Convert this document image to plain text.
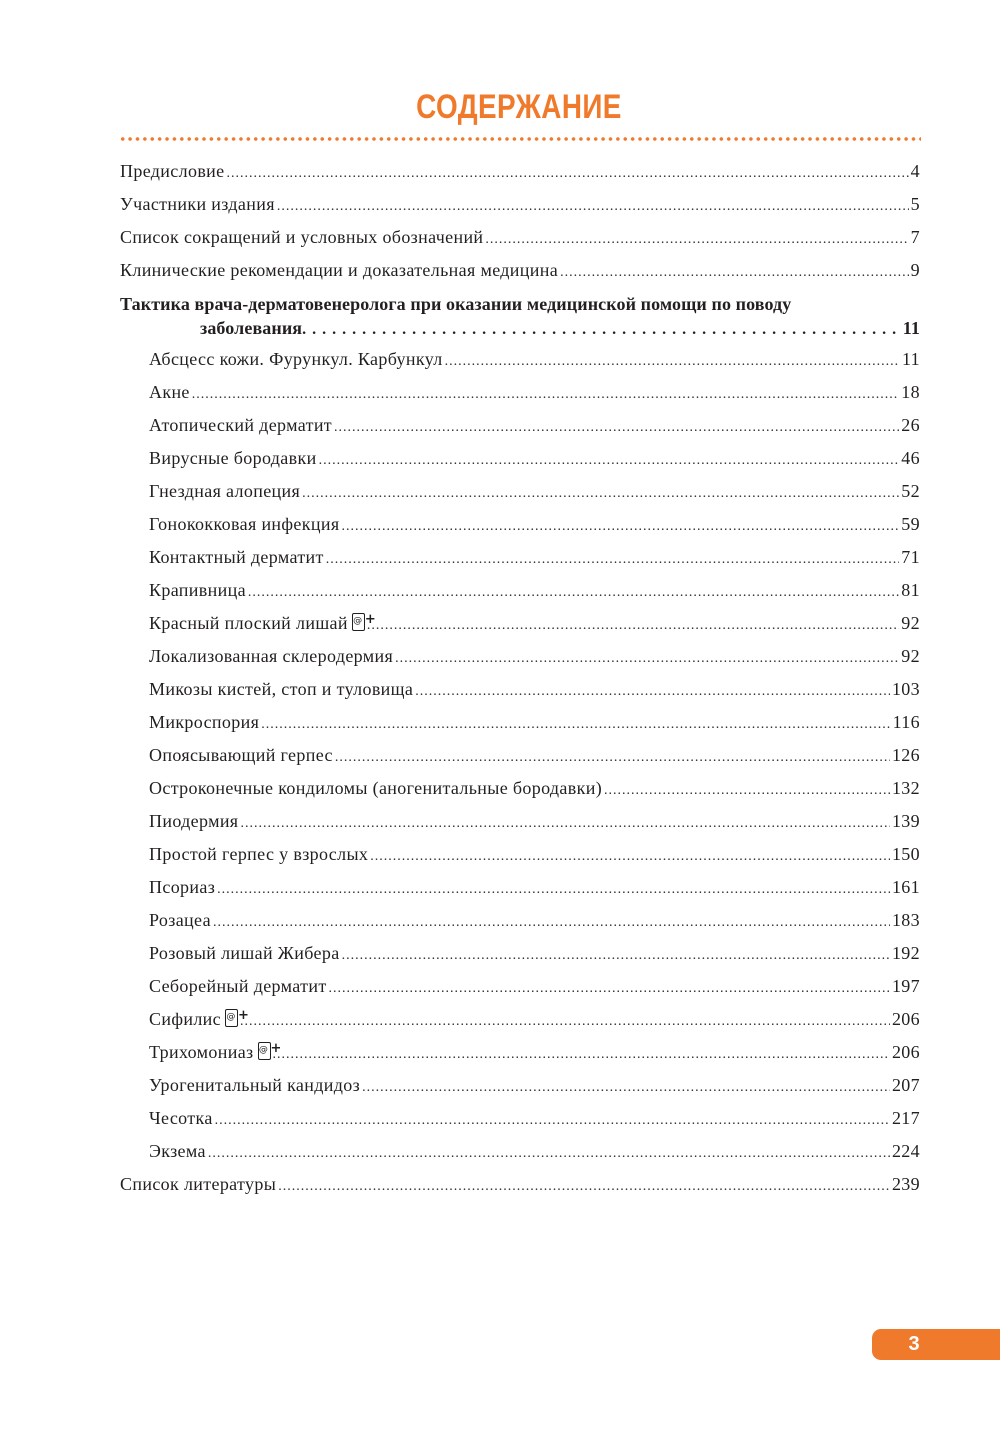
СОДЕРЖАНИЕ
Предисловие .....	4
Участники издания .....	5
Список сокращений и условных обозначений .....	7
Клинические рекомендации и доказательная медицина .....	9
Тактика врача-дерматовенеролога при оказании медицинской помощи по поводу
заболевания .....	11
Абсцесс кожи. Фурункул. Карбункул .....	11
Акне .....	18
Атопический дерматит .....	26
Вирусные бородавки .....	46
Гнездная алопеция .....	52
Гонококковая инфекция .....	59
Контактный дерматит .....	71
Крапивница .....	81
Красный плоский лишай @ + .....	92
Локализованная склеродермия .....	92
Микозы кистей, стоп и туловища .....	103
Микроспория .....	116
Опоясывающий герпес .....	126
Остроконечные кондиломы (аногенитальные бородавки) .....	132
Пиодермия .....	139
Простой герпес у взрослых .....	150
Псориаз .....	161
Розацеа .....	183
Розовый лишай Жибера .....	192
Себорейный дерматит .....	197
Сифилис @ + .....	206
Трихомониаз @ + .....	206
Урогенитальный кандидоз .....	207
Чесотка .....	217
Экзема .....	224
Список литературы .....	239
3
